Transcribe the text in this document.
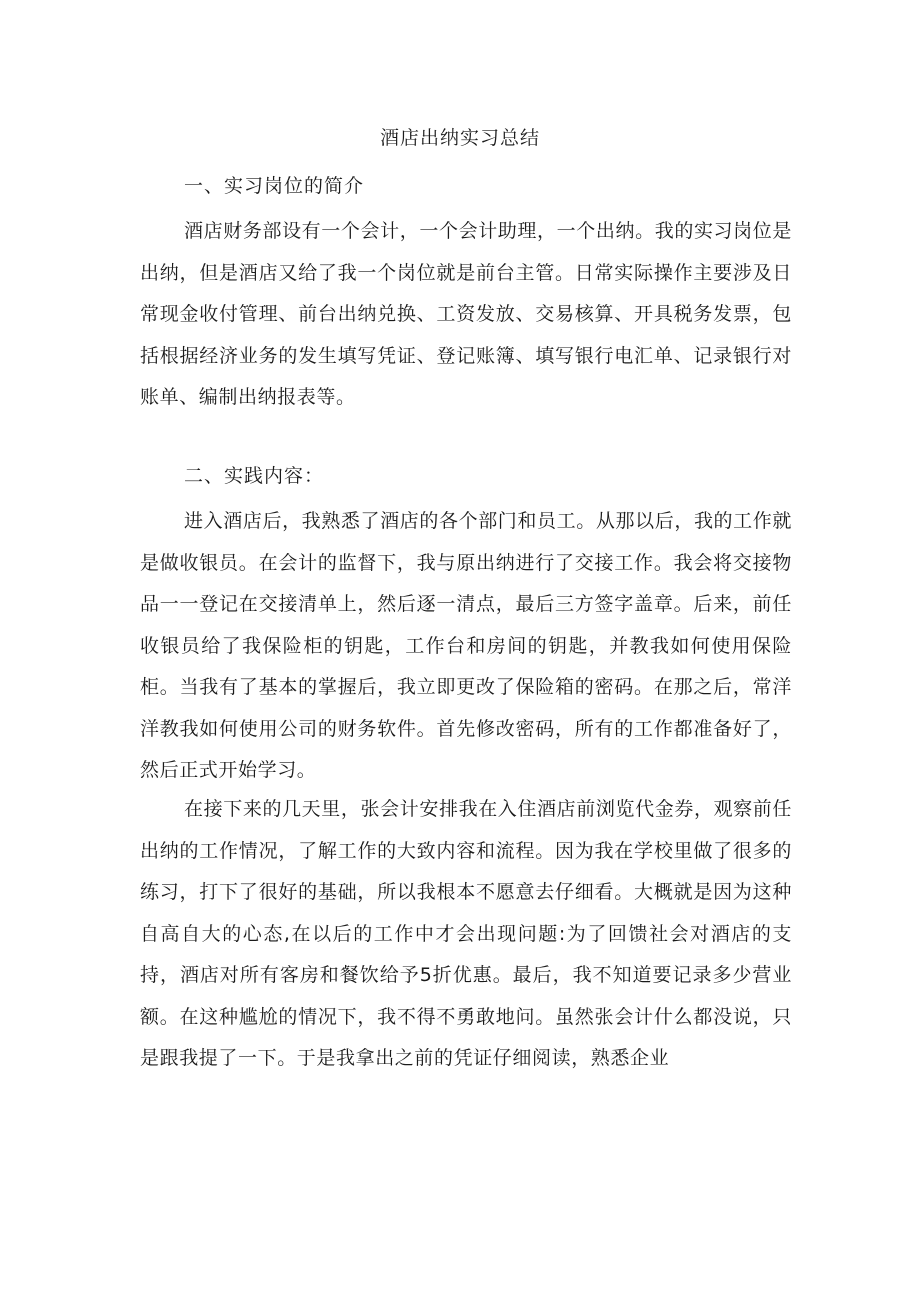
酒店出纳实习总结
一、实习岗位的简介

酒店财务部设有一个会计，一个会计助理，一个出纳。我的实习岗位是出纳，但是酒店又给了我一个岗位就是前台主管。日常实际操作主要涉及日常现金收付管理、前台出纳兑换、工资发放、交易核算、开具税务发票，包括根据经济业务的发生填写凭证、登记账簿、填写银行电汇单、记录银行对账单、编制出纳报表等。

二、实践内容：

进入酒店后，我熟悉了酒店的各个部门和员工。从那以后，我的工作就是做收银员。在会计的监督下，我与原出纳进行了交接工作。我会将交接物品一一登记在交接清单上，然后逐一清点，最后三方签字盖章。后来，前任收银员给了我保险柜的钥匙，工作台和房间的钥匙，并教我如何使用保险柜。当我有了基本的掌握后，我立即更改了保险箱的密码。在那之后，常洋洋教我如何使用公司的财务软件。首先修改密码，所有的工作都准备好了，然后正式开始学习。

在接下来的几天里，张会计安排我在入住酒店前浏览代金券，观察前任出纳的工作情况，了解工作的大致内容和流程。因为我在学校里做了很多的练习，打下了很好的基础，所以我根本不愿意去仔细看。大概就是因为这种自高自大的心态,在以后的工作中才会出现问题:为了回馈社会对酒店的支持，酒店对所有客房和餐饮给予5折优惠。最后，我不知道要记录多少营业额。在这种尴尬的情况下，我不得不勇敢地问。虽然张会计什么都没说，只是跟我提了一下。于是我拿出之前的凭证仔细阅读，熟悉企业
